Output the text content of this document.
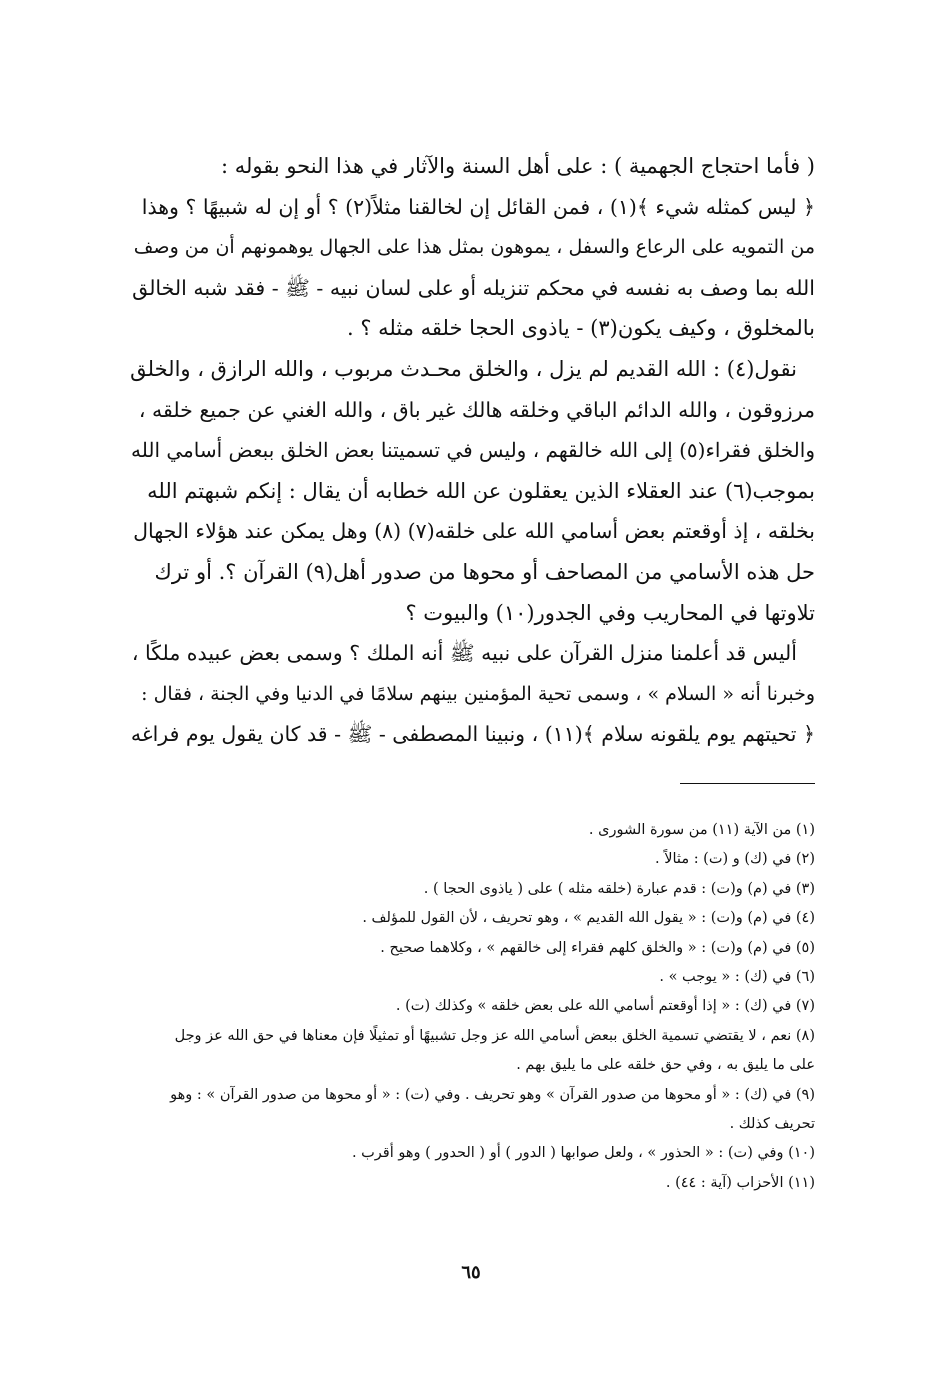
( فأما احتجاج الجهمية ) : على أهل السنة والآثار في هذا النحو بقوله :
﴿ ليس كمثله شيء ﴾(١) ، فمن القائل إن لخالقنا مثلاً(٢) ؟ أو إن له شبيهًا ؟ وهذا
من التمويه على الرعاع والسفل ، يموهون بمثل هذا على الجهال يوهمونهم أن من وصف
الله بما وصف به نفسه في محكم تنزيله أو على لسان نبيه - ﷺ - فقد شبه الخالق
بالمخلوق ، وكيف يكون(٣) - ياذوى الحجا خلقه مثله ؟ .

نقول(٤) : الله القديم لم يزل ، والخلق محـدث مربوب ، والله الرازق ، والخلق
مرزوقون ، والله الدائم الباقي وخلقه هالك غير باق ، والله الغني عن جميع خلقه ،
والخلق فقراء(٥) إلى الله خالقهم ، وليس في تسميتنا بعض الخلق ببعض أسامي الله
بموجب(٦) عند العقلاء الذين يعقلون عن الله خطابه أن يقال : إنكم شبهتم الله
بخلقه ، إذ أوقعتم بعض أسامي الله على خلقه(٧) (٨) وهل يمكن عند هؤلاء الجهال
حل هذه الأسامي من المصاحف أو محوها من صدور أهل(٩) القرآن ؟. أو ترك
تلاوتها في المحاريب وفي الجدور(١٠) والبيوت ؟

أليس قد أعلمنا منزل القرآن على نبيه ﷺ أنه الملك ؟ وسمى بعض عبيده ملكًا ،
وخبرنا أنه « السلام » ، وسمى تحية المؤمنين بينهم سلامًا في الدنيا وفي الجنة ، فقال :
﴿ تحيتهم يوم يلقونه سلام ﴾(١١) ، ونبينا المصطفى - ﷺ - قد كان يقول يوم فراغه

(١) من الآية (١١) من سورة الشورى .
(٢) في (ك) و (ت) : مثالاً .
(٣) في (م) و(ت) : قدم عبارة (خلقه مثله ) على ( ياذوى الحجا ) .
(٤) في (م) و(ت) : « يقول الله القديم » ، وهو تحريف ، لأن القول للمؤلف .
(٥) في (م) و(ت) : « والخلق كلهم فقراء إلى خالقهم » ، وكلاهما صحيح .
(٦) في (ك) : « يوجب » .
(٧) في (ك) : « إذا أوقعتم أسامي الله على بعض خلقه » وكذلك (ت) .
(٨) نعم ، لا يقتضي تسمية الخلق ببعض أسامي الله عز وجل تشبيهًا أو تمثيلًا فإن معناها في حق الله عز وجل
على ما يليق به ، وفي حق خلقه على ما يليق بهم .
(٩) في (ك) : « أو محوها من صدور القرآن » وهو تحريف . وفي (ت) : « أو محوها من صدور القرآن » : وهو
تحريف كذلك .
(١٠) وفي (ت) : « الحذور » ، ولعل صوابها ( الدور ) أو ( الحدور ) وهو أقرب .
(١١) الأحزاب (آية : ٤٤) .
٦٥
